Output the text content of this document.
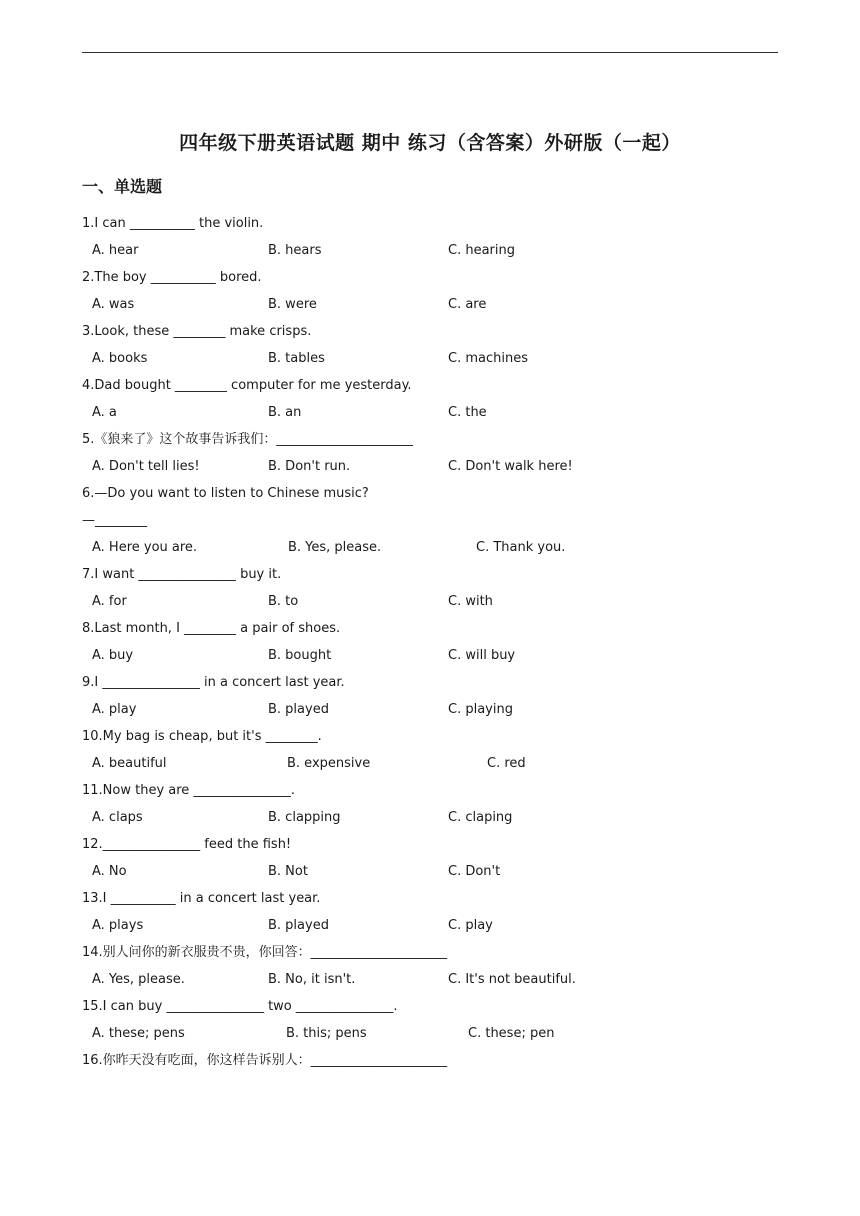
四年级下册英语试题 期中 练习（含答案）外研版（一起）
一、单选题
1.I can __________ the violin.
A. hear	B. hears	C. hearing
2.The boy __________ bored.
A. was	B. were	C. are
3.Look, these ________ make crisps.
A. books	B. tables	C. machines
4.Dad bought ________ computer for me yesterday.
A. a	B. an	C. the
5.《狼来了》这个故事告诉我们：_____________________
A. Don't tell lies!	B. Don't run.	C. Don't walk here!
6.—Do you want to listen to Chinese music?
—________
A. Here you are.	B. Yes, please.	C. Thank you.
7.I want _______________ buy it.
A. for	B. to	C. with
8.Last month, I ________ a pair of shoes.
A. buy	B. bought	C. will buy
9.I _______________ in a concert last year.
A. play	B. played	C. playing
10.My bag is cheap, but it's ________.
A. beautiful	B. expensive	C. red
11.Now they are _______________.
A. claps	B. clapping	C. claping
12._______________ feed the fish!
A. No	B. Not	C. Don't
13.I __________ in a concert last year.
A. plays	B. played	C. play
14.别人问你的新衣服贵不贵，你回答：_____________________
A. Yes, please.	B. No, it isn't.	C. It's not beautiful.
15.I can buy _______________ two _______________.
A. these; pens	B. this; pens	C. these; pen
16.你昨天没有吃面，你这样告诉别人：_____________________
